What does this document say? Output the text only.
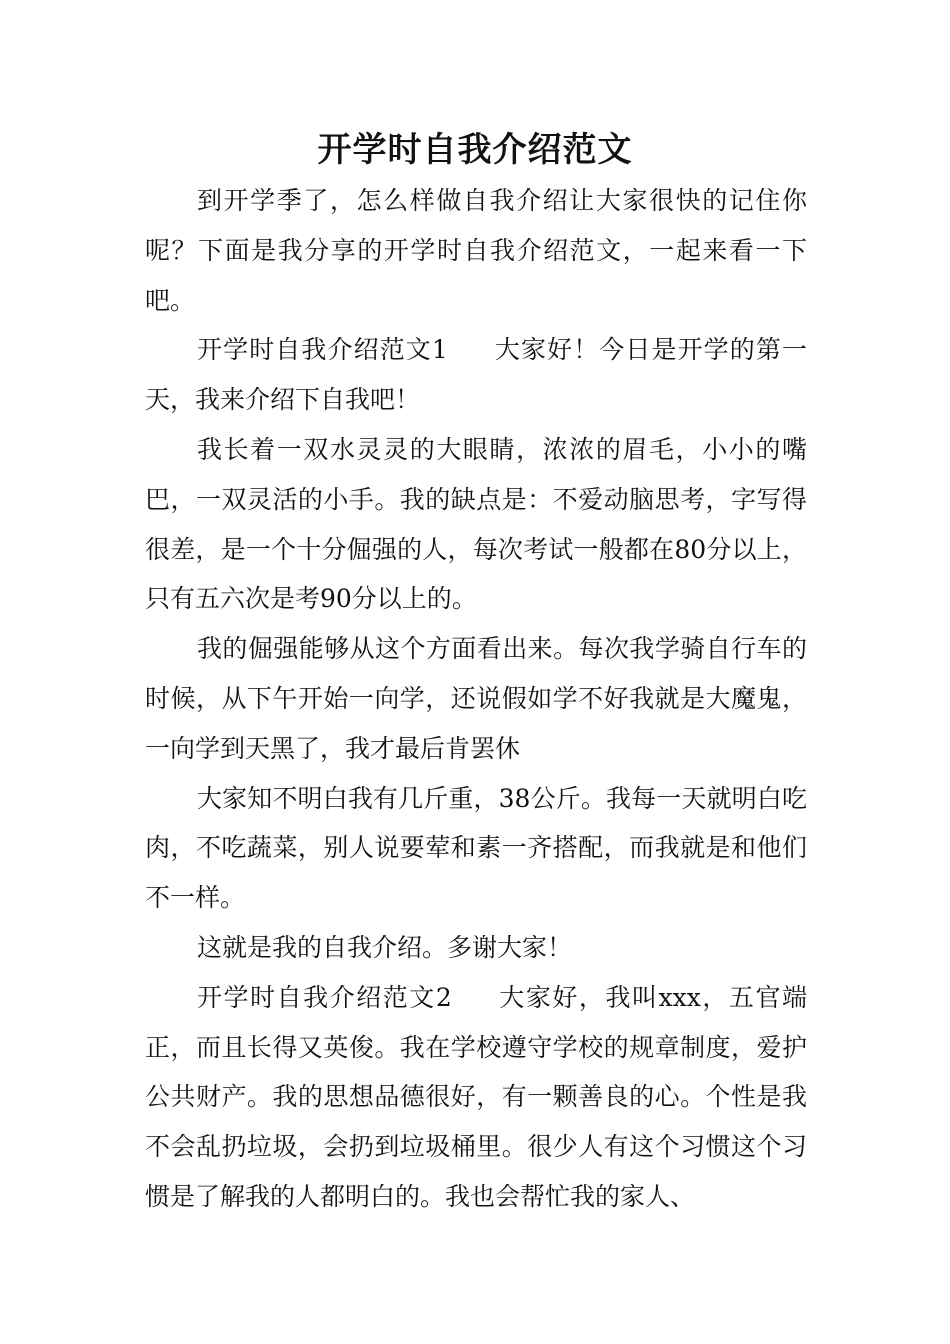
开学时自我介绍范文

到开学季了，怎么样做自我介绍让大家很快的记住你呢？下面是我分享的开学时自我介绍范文，一起来看一下吧。

开学时自我介绍范文1 大家好！今日是开学的第一天，我来介绍下自我吧！

我长着一双水灵灵的大眼睛，浓浓的眉毛，小小的嘴巴，一双灵活的小手。我的缺点是：不爱动脑思考，字写得很差，是一个十分倔强的人，每次考试一般都在80分以上，只有五六次是考90分以上的。

我的倔强能够从这个方面看出来。每次我学骑自行车的时候，从下午开始一向学，还说假如学不好我就是大魔鬼，一向学到天黑了，我才最后肯罢休

大家知不明白我有几斤重，38公斤。我每一天就明白吃肉，不吃蔬菜，别人说要荤和素一齐搭配，而我就是和他们不一样。

这就是我的自我介绍。多谢大家！

开学时自我介绍范文2 大家好，我叫xxx，五官端正，而且长得又英俊。我在学校遵守学校的规章制度，爱护公共财产。我的思想品德很好，有一颗善良的心。个性是我不会乱扔垃圾，会扔到垃圾桶里。很少人有这个习惯这个习惯是了解我的人都明白的。我也会帮忙我的家人、
